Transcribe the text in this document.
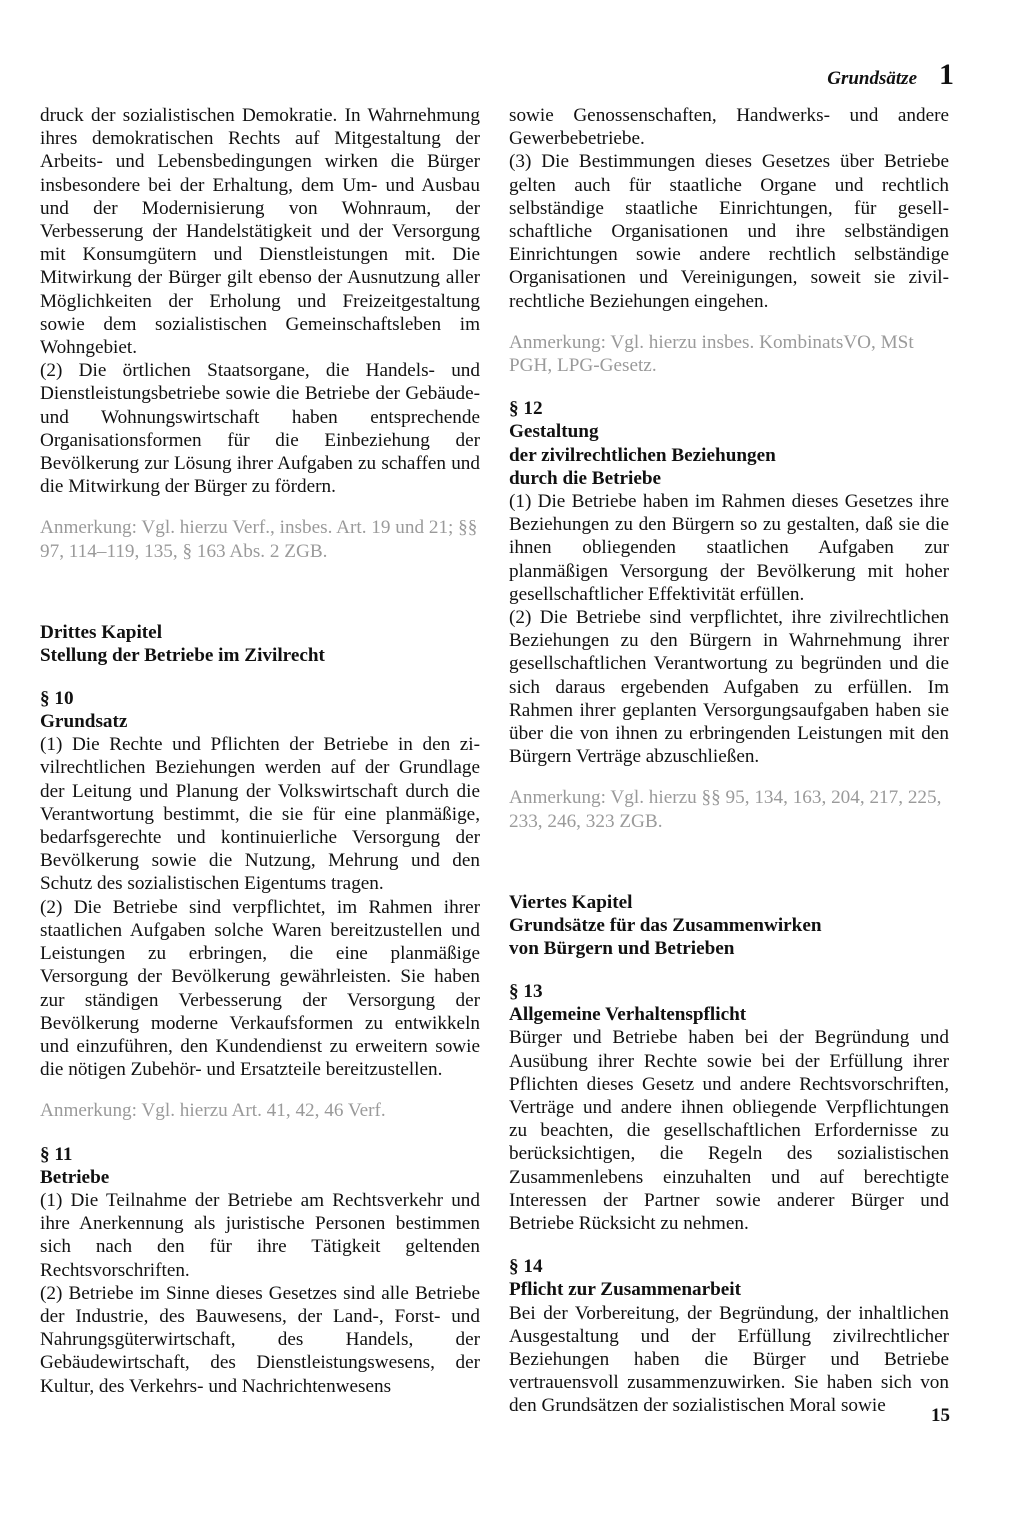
Grundsätze 1

druck der sozialistischen Demokratie. In Wahrnehmung ihres demokratischen Rechts auf Mitgestaltung der Arbeits- und Lebensbedingungen wirken die Bürger insbesondere bei der Erhaltung, dem Um- und Ausbau und der Modernisierung von Wohnraum, der Verbesserung der Handelstätigkeit und der Versorgung mit Konsumgütern und Dienstleistungen mit. Die Mitwirkung der Bürger gilt ebenso der Ausnutzung aller Möglichkeiten der Erholung und Freizeitgestaltung sowie dem sozialistischen Gemeinschaftsleben im Wohngebiet.

(2) Die örtlichen Staatsorgane, die Handels- und Dienstleistungsbetriebe sowie die Betriebe der Gebäude- und Wohnungswirtschaft haben entsprechende Organisationsformen für die Einbeziehung der Bevölkerung zur Lösung ihrer Aufgaben zu schaffen und die Mitwirkung der Bürger zu fördern.

Anmerkung: Vgl. hierzu Verf., insbes. Art. 19 und 21; §§ 97, 114–119, 135, § 163 Abs. 2 ZGB.

Drittes Kapitel
Stellung der Betriebe im Zivilrecht
§ 10
Grundsatz

(1) Die Rechte und Pflichten der Betriebe in den zivilrechtlichen Beziehungen werden auf der Grundlage der Leitung und Planung der Volkswirtschaft durch die Verantwortung bestimmt, die sie für eine planmäßige, bedarfsgerechte und kontinuierliche Versorgung der Bevölkerung sowie die Nutzung, Mehrung und den Schutz des sozialistischen Eigentums tragen.

(2) Die Betriebe sind verpflichtet, im Rahmen ihrer staatlichen Aufgaben solche Waren bereitzustellen und Leistungen zu erbringen, die eine planmäßige Versorgung der Bevölkerung gewährleisten. Sie haben zur ständigen Verbesserung der Versorgung der Bevölkerung moderne Verkaufsformen zu entwikkeln und einzuführen, den Kundendienst zu erweitern sowie die nötigen Zubehör- und Ersatzteile bereitzustellen.

Anmerkung: Vgl. hierzu Art. 41, 42, 46 Verf.

§ 11
Betriebe

(1) Die Teilnahme der Betriebe am Rechtsverkehr und ihre Anerkennung als juristische Personen bestimmen sich nach den für ihre Tätigkeit geltenden Rechtsvorschriften.

(2) Betriebe im Sinne dieses Gesetzes sind alle Betriebe der Industrie, des Bauwesens, der Land-, Forst- und Nahrungsgüterwirtschaft, des Handels, der Gebäudewirtschaft, des Dienstleistungswesens, der Kultur, des Verkehrs- und Nachrichtenwesens

sowie Genossenschaften, Handwerks- und andere Gewerbebetriebe.

(3) Die Bestimmungen dieses Gesetzes über Betriebe gelten auch für staatliche Organe und rechtlich selbständige staatliche Einrichtungen, für gesellschaftliche Organisationen und ihre selbständigen Einrichtungen sowie andere rechtlich selbständige Organisationen und Vereinigungen, soweit sie zivilrechtliche Beziehungen eingehen.

Anmerkung: Vgl. hierzu insbes. KombinatsVO, MSt PGH, LPG-Gesetz.

§ 12
Gestaltung
der zivilrechtlichen Beziehungen
durch die Betriebe

(1) Die Betriebe haben im Rahmen dieses Gesetzes ihre Beziehungen zu den Bürgern so zu gestalten, daß sie die ihnen obliegenden staatlichen Aufgaben zur planmäßigen Versorgung der Bevölkerung mit hoher gesellschaftlicher Effektivität erfüllen.

(2) Die Betriebe sind verpflichtet, ihre zivilrechtlichen Beziehungen zu den Bürgern in Wahrnehmung ihrer gesellschaftlichen Verantwortung zu begründen und die sich daraus ergebenden Aufgaben zu erfüllen. Im Rahmen ihrer geplanten Versorgungsaufgaben haben sie über die von ihnen zu erbringenden Leistungen mit den Bürgern Verträge abzuschließen.

Anmerkung: Vgl. hierzu §§ 95, 134, 163, 204, 217, 225, 233, 246, 323 ZGB.

Viertes Kapitel
Grundsätze für das Zusammenwirken
von Bürgern und Betrieben
§ 13
Allgemeine Verhaltenspflicht

Bürger und Betriebe haben bei der Begründung und Ausübung ihrer Rechte sowie bei der Erfüllung ihrer Pflichten dieses Gesetz und andere Rechtsvorschriften, Verträge und andere ihnen obliegende Verpflichtungen zu beachten, die gesellschaftlichen Erfordernisse zu berücksichtigen, die Regeln des sozialistischen Zusammenlebens einzuhalten und auf berechtigte Interessen der Partner sowie anderer Bürger und Betriebe Rücksicht zu nehmen.

§ 14
Pflicht zur Zusammenarbeit

Bei der Vorbereitung, der Begründung, der inhaltlichen Ausgestaltung und der Erfüllung zivilrechtlicher Beziehungen haben die Bürger und Betriebe vertrauensvoll zusammenzuwirken. Sie haben sich von den Grundsätzen der sozialistischen Moral sowie	15
